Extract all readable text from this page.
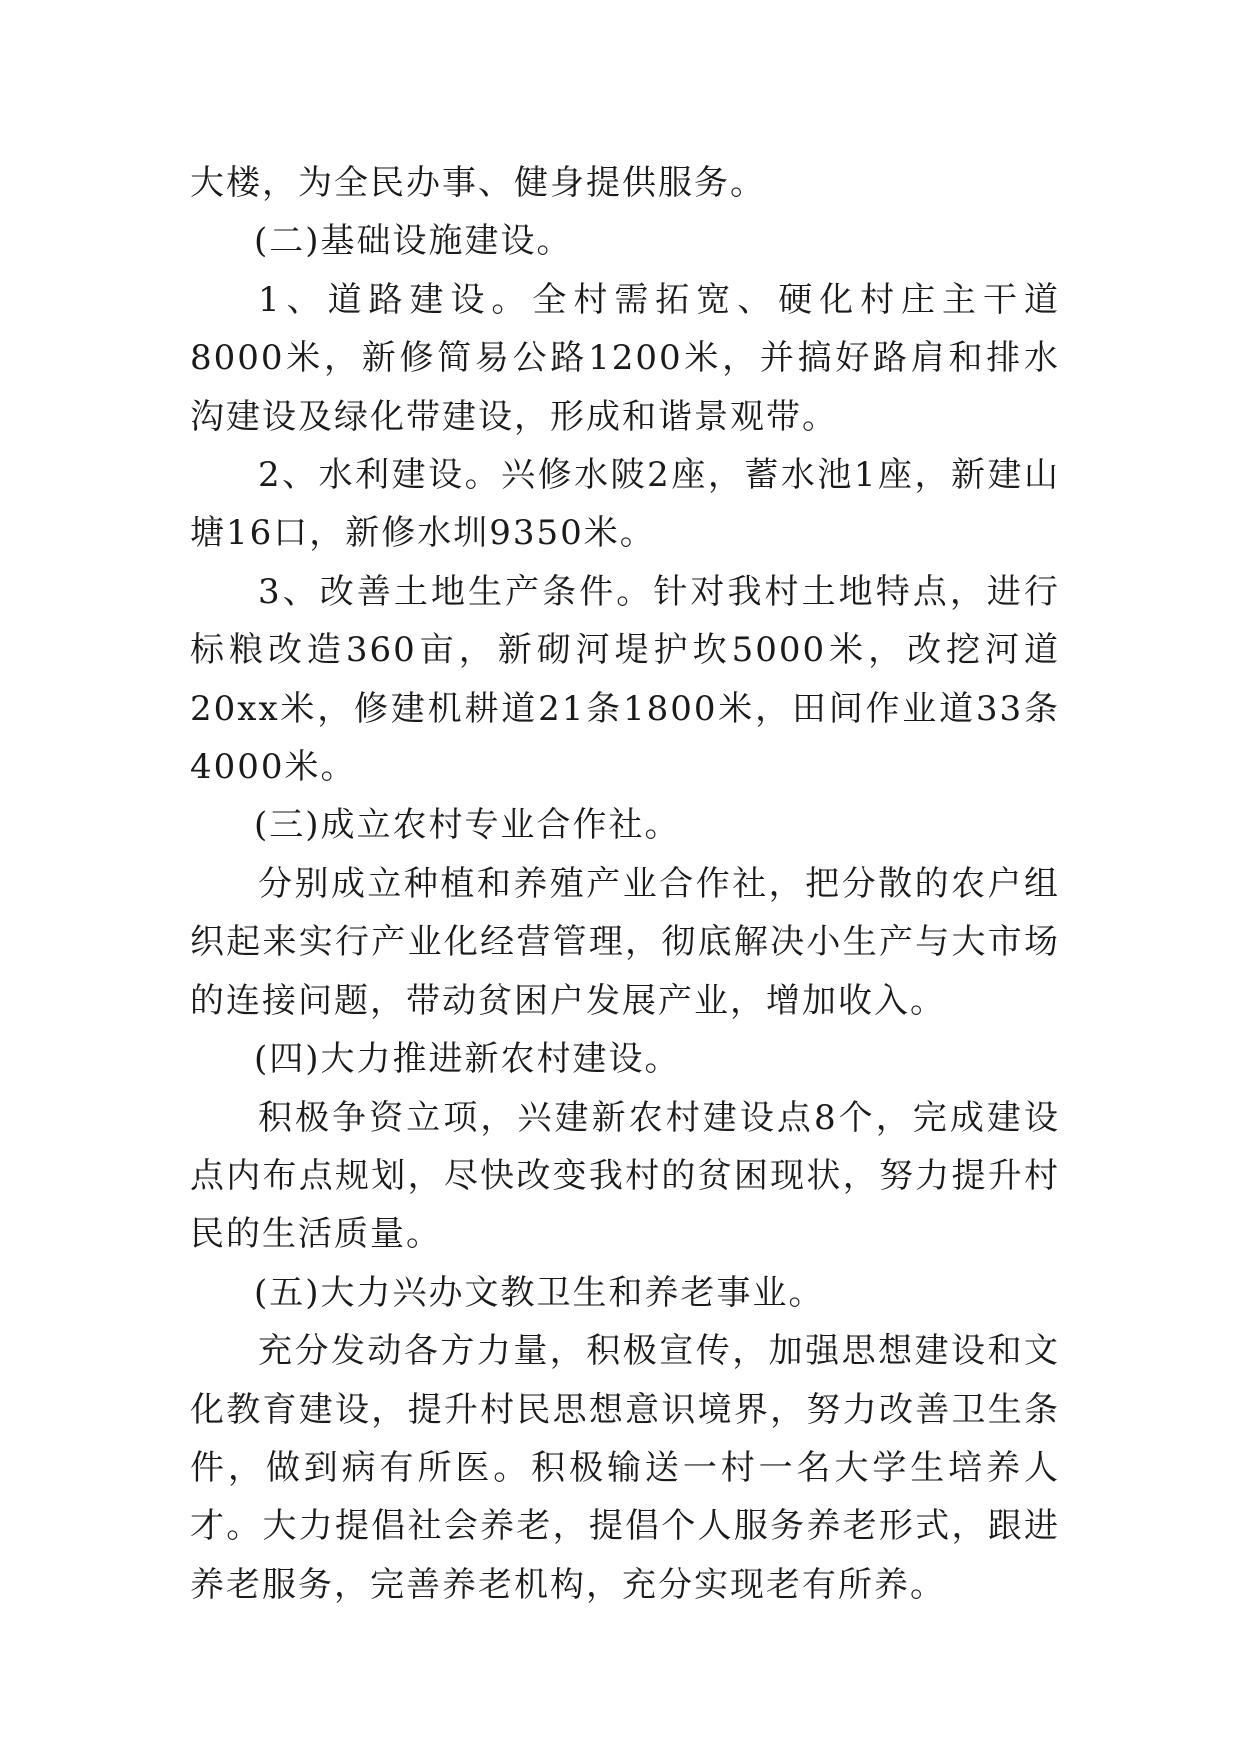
大楼，为全民办事、健身提供服务。

(二)基础设施建设。

1、道路建设。全村需拓宽、硬化村庄主干道8000米，新修简易公路1200米，并搞好路肩和排水沟建设及绿化带建设，形成和谐景观带。

2、水利建设。兴修水陂2座，蓄水池1座，新建山塘16口，新修水圳9350米。

3、改善土地生产条件。针对我村土地特点，进行标粮改造360亩，新砌河堤护坎5000米，改挖河道20xx米，修建机耕道21条1800米，田间作业道33条4000米。

(三)成立农村专业合作社。

分别成立种植和养殖产业合作社，把分散的农户组织起来实行产业化经营管理，彻底解决小生产与大市场的连接问题，带动贫困户发展产业，增加收入。

(四)大力推进新农村建设。

积极争资立项，兴建新农村建设点8个，完成建设点内布点规划，尽快改变我村的贫困现状，努力提升村民的生活质量。

(五)大力兴办文教卫生和养老事业。

充分发动各方力量，积极宣传，加强思想建设和文化教育建设，提升村民思想意识境界，努力改善卫生条件，做到病有所医。积极输送一村一名大学生培养人才。大力提倡社会养老，提倡个人服务养老形式，跟进养老服务，完善养老机构，充分实现老有所养。
